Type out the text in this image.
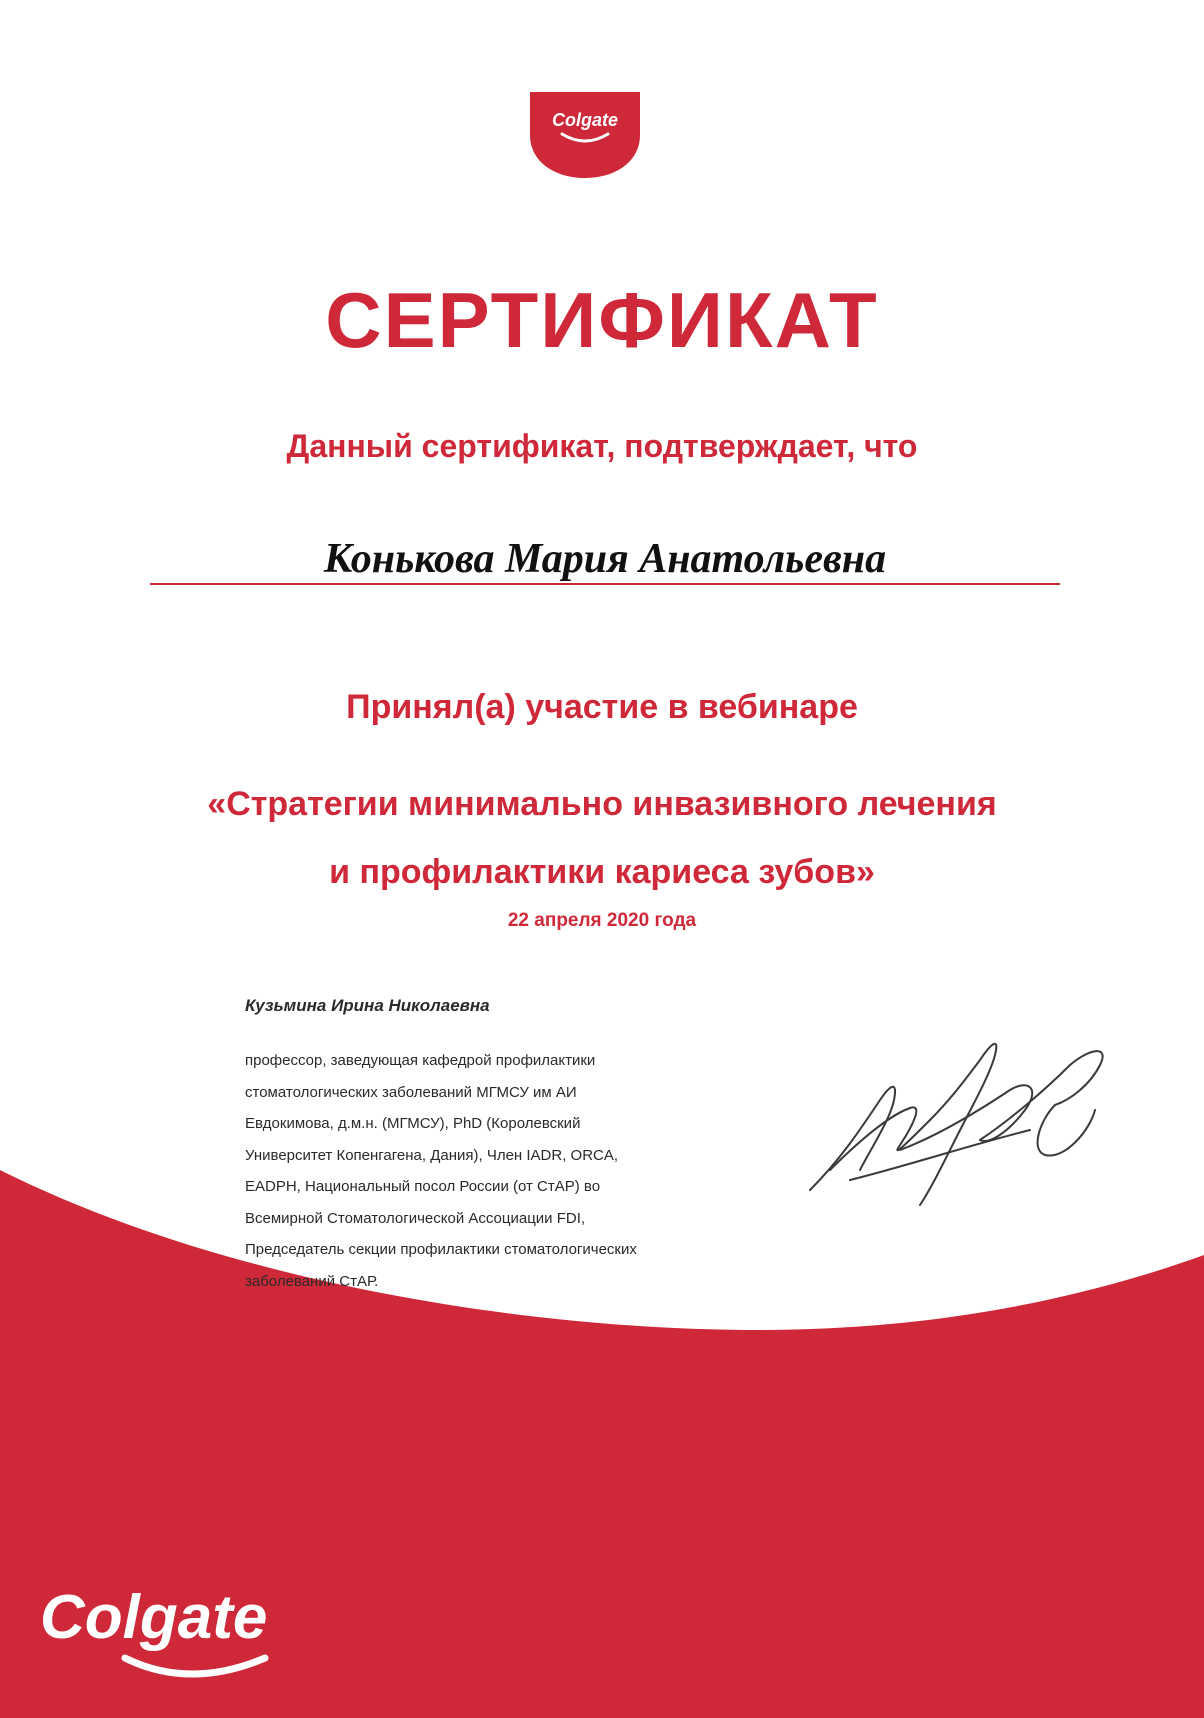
Colgate
СЕРТИФИКАТ
Данный сертификат, подтверждает, что
Конькова Мария Анатольевна
Принял(а) участие в вебинаре
«Стратегии минимально инвазивного лечения
и профилактики кариеса зубов»
22 апреля 2020 года
Кузьмина Ирина Николаевна
профессор, заведующая кафедрой профилактики
стоматологических заболеваний МГМСУ им АИ
Евдокимова, д.м.н. (МГМСУ), PhD (Королевский
Университет Копенгагена, Дания), Член IADR, ORCA,
EADPH, Национальный посол России (от СтАР) во
Всемирной Стоматологической Ассоциации FDI,
Председатель секции профилактики стоматологических
заболеваний СтАР.
Colgate
